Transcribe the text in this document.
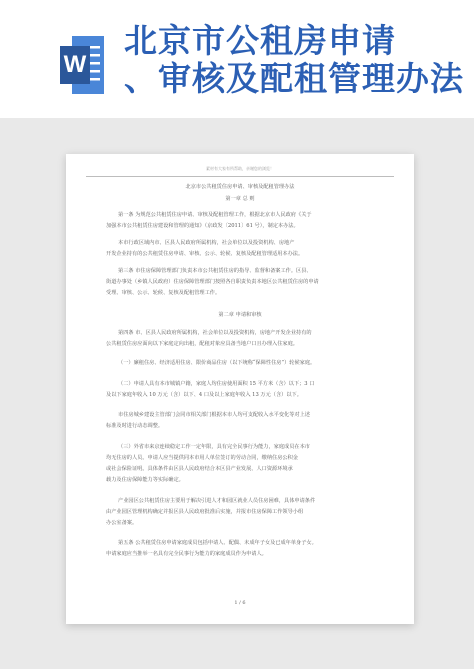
W
北京市公租房申请
、审核及配租管理办法
素材有大家有所帮助，亲谢您的浏览！
北京市公共租赁住房申请、审核及配租管理办法
第一章 总 则
第一条 为规范公共租赁住房申请、审核及配租管理工作，根据北京市人民政府《关于
加强本市公共租赁住房建设和管理的通知》（京政发〔2011〕61 号），制定本办法。
本市行政区域内市、区县人民政府所属机构，社会单位以及投资机构、房地产
开发企业持有的公共租赁住房申请、审核、公示、轮候、复核及配租管理适用本办法。
第三条 市住房保障管理部门负责本市公共租赁住房的指导、监督和备案工作。区县、
街道办事处（乡镇人民政府）住房保障管理部门按照各自职责负责本地区公共租赁住房的申请
受理、审核、公示、轮候、复核及配租管理工作。
第二章 申请和审核
第四条 市、区县人民政府所属机构，社会单位以及投资机构，房地产开发企业持有的
公共租赁住房应面向以下家庭定向出租，配租对象应具备当地户口且办理入住家庭。
（一）廉租住房、经济适用住房、限价商品住房（以下统称“保障性住房”）轮候家庭。
（二）申请人具有本市城镇户籍，家庭人均住房使用面积 15 平方米（含）以下；3 口
及以下家庭年收入 10 万元（含）以下、4 口及以上家庭年收入 13 万元（含）以下。
市住房城乡建设主管部门会同市相关部门根据本市人均可支配收入水平变化等对上述
标准及时进行动态调整。
（三）外省市来京连续稳定工作一定年限，具有完全民事行为能力，家庭成员在本市
均无住房的人员。申请人应当提供同本市用人单位签订的劳动合同，缴纳住房公积金
或社会保险证明。具体条件由区县人民政府结合本区县产业发展、人口资源环境承
载力及住房保障能力等实际确定。
产业园区公共租赁住房主要用于解决引进人才和园区就业人员住房困难，具体申请条件
由产业园区管理机构确定并报区县人民政府批准后实施，并报市住房保障工作领导小组
办公室备案。
第五条 公共租赁住房申请家庭成员包括申请人、配偶、未成年子女及已成年单身子女。
申请家庭应当推举一名具有完全民事行为能力的家庭成员作为申请人。
1 / 6
